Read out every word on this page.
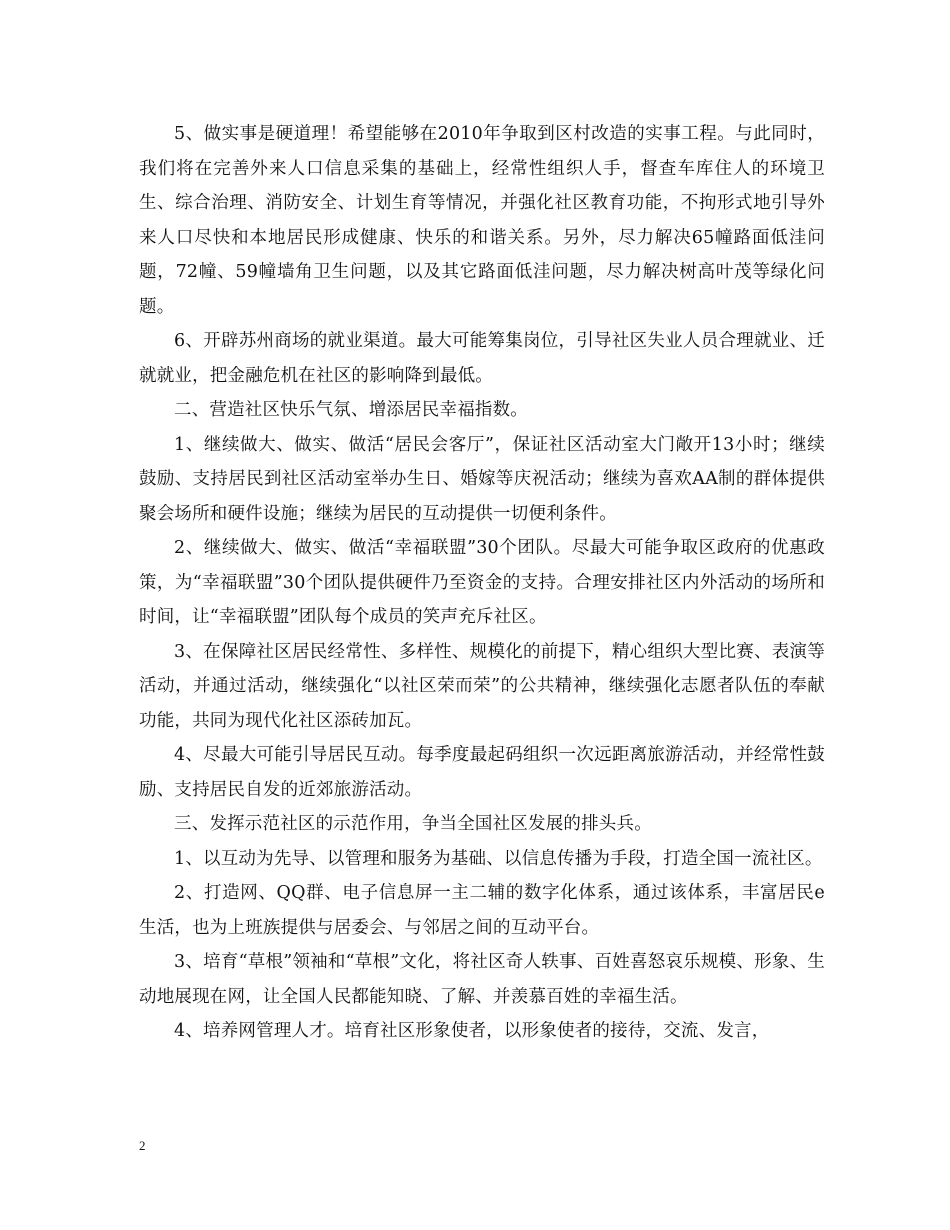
5、做实事是硬道理！希望能够在2010年争取到区村改造的实事工程。与此同时，我们将在完善外来人口信息采集的基础上，经常性组织人手，督查车库住人的环境卫生、综合治理、消防安全、计划生育等情况，并强化社区教育功能，不拘形式地引导外来人口尽快和本地居民形成健康、快乐的和谐关系。另外，尽力解决65幢路面低洼问题，72幢、59幢墙角卫生问题，以及其它路面低洼问题，尽力解决树高叶茂等绿化问题。

6、开辟苏州商场的就业渠道。最大可能筹集岗位，引导社区失业人员合理就业、迁就就业，把金融危机在社区的影响降到最低。

二、营造社区快乐气氛、增添居民幸福指数。

1、继续做大、做实、做活“居民会客厅”，保证社区活动室大门敞开13小时；继续鼓励、支持居民到社区活动室举办生日、婚嫁等庆祝活动；继续为喜欢AA制的群体提供聚会场所和硬件设施；继续为居民的互动提供一切便利条件。

2、继续做大、做实、做活“幸福联盟”30个团队。尽最大可能争取区政府的优惠政策，为“幸福联盟”30个团队提供硬件乃至资金的支持。合理安排社区内外活动的场所和时间，让“幸福联盟”团队每个成员的笑声充斥社区。

3、在保障社区居民经常性、多样性、规模化的前提下，精心组织大型比赛、表演等活动，并通过活动，继续强化“以社区荣而荣”的公共精神，继续强化志愿者队伍的奉献功能，共同为现代化社区添砖加瓦。

4、尽最大可能引导居民互动。每季度最起码组织一次远距离旅游活动，并经常性鼓励、支持居民自发的近郊旅游活动。

三、发挥示范社区的示范作用，争当全国社区发展的排头兵。

1、以互动为先导、以管理和服务为基础、以信息传播为手段，打造全国一流社区。

2、打造网、QQ群、电子信息屏一主二辅的数字化体系，通过该体系，丰富居民e生活，也为上班族提供与居委会、与邻居之间的互动平台。

3、培育“草根”领袖和“草根”文化，将社区奇人轶事、百姓喜怒哀乐规模、形象、生动地展现在网，让全国人民都能知晓、了解、并羡慕百姓的幸福生活。

4、培养网管理人才。培育社区形象使者，以形象使者的接待，交流、发言，

2
